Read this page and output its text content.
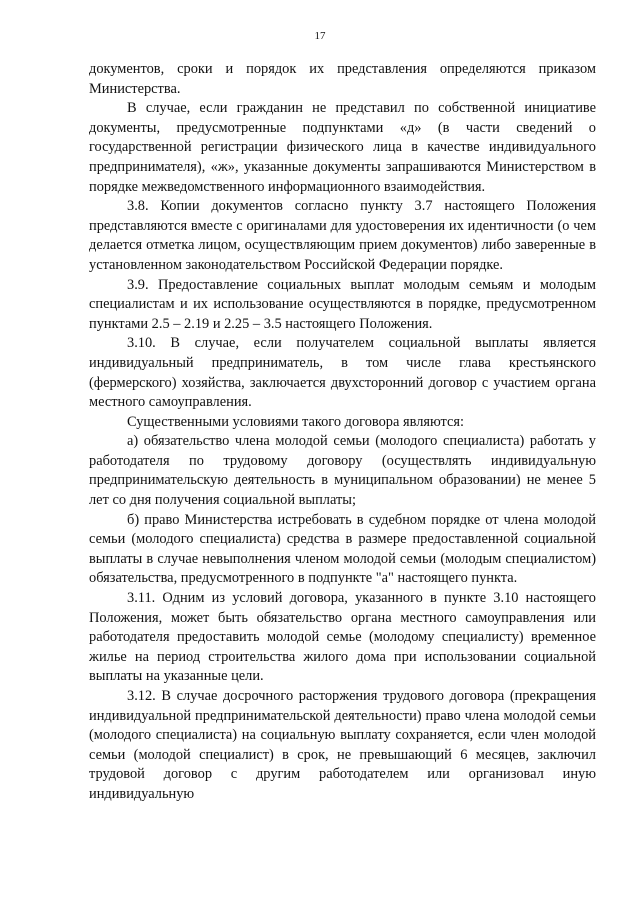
17

документов, сроки и порядок их представления определяются приказом Министерства.

В случае, если гражданин не представил по собственной инициативе документы, предусмотренные подпунктами «д» (в части сведений о государственной регистрации физического лица в качестве индивидуального предпринимателя), «ж», указанные документы запрашиваются Министерством в порядке межведомственного информационного взаимодействия.

3.8. Копии документов согласно пункту 3.7 настоящего Положения представляются вместе с оригиналами для удостоверения их идентичности (о чем делается отметка лицом, осуществляющим прием документов) либо заверенные в установленном законодательством Российской Федерации порядке.

3.9. Предоставление социальных выплат молодым семьям и молодым специалистам и их использование осуществляются в порядке, предусмотренном пунктами 2.5 – 2.19 и 2.25 – 3.5 настоящего Положения.

3.10. В случае, если получателем социальной выплаты является индивидуальный предприниматель, в том числе глава крестьянского (фермерского) хозяйства, заключается двухсторонний договор с участием органа местного самоуправления.

Существенными условиями такого договора являются:

а) обязательство члена молодой семьи (молодого специалиста) работать у работодателя по трудовому договору (осуществлять индивидуальную предпринимательскую деятельность в муниципальном образовании) не менее 5 лет со дня получения социальной выплаты;

б) право Министерства истребовать в судебном порядке от члена молодой семьи (молодого специалиста) средства в размере предоставленной социальной выплаты в случае невыполнения членом молодой семьи (молодым специалистом) обязательства, предусмотренного в подпункте "а" настоящего пункта.

3.11. Одним из условий договора, указанного в пункте 3.10 настоящего Положения, может быть обязательство органа местного самоуправления или работодателя предоставить молодой семье (молодому специалисту) временное жилье на период строительства жилого дома при использовании социальной выплаты на указанные цели.

3.12. В случае досрочного расторжения трудового договора (прекращения индивидуальной предпринимательской деятельности) право члена молодой семьи (молодого специалиста) на социальную выплату сохраняется, если член молодой семьи (молодой специалист) в срок, не превышающий 6 месяцев, заключил трудовой договор с другим работодателем или организовал иную индивидуальную
